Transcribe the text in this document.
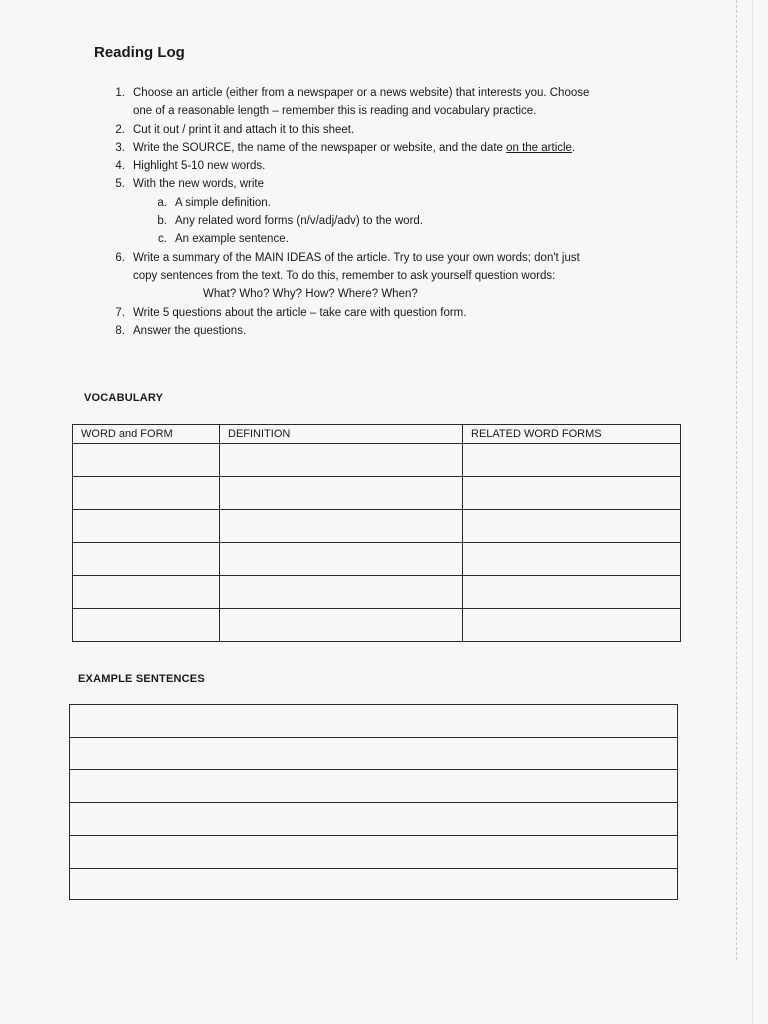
Reading Log
1. Choose an article (either from a newspaper or a news website) that interests you. Choose
one of a reasonable length – remember this is reading and vocabulary practice.
2. Cut it out / print it and attach it to this sheet.
3. Write the SOURCE, the name of the newspaper or website, and the date on the article.
4. Highlight 5-10 new words.
5. With the new words, write
a. A simple definition.
b. Any related word forms (n/v/adj/adv) to the word.
c. An example sentence.
6. Write a summary of the MAIN IDEAS of the article. Try to use your own words; don't just
copy sentences from the text. To do this, remember to ask yourself question words:
What? Who? Why? How? Where? When?
7. Write 5 questions about the article – take care with question form.
8. Answer the questions.
VOCABULARY
WORD and FORM	DEFINITION	RELATED WORD FORMS

EXAMPLE SENTENCES
